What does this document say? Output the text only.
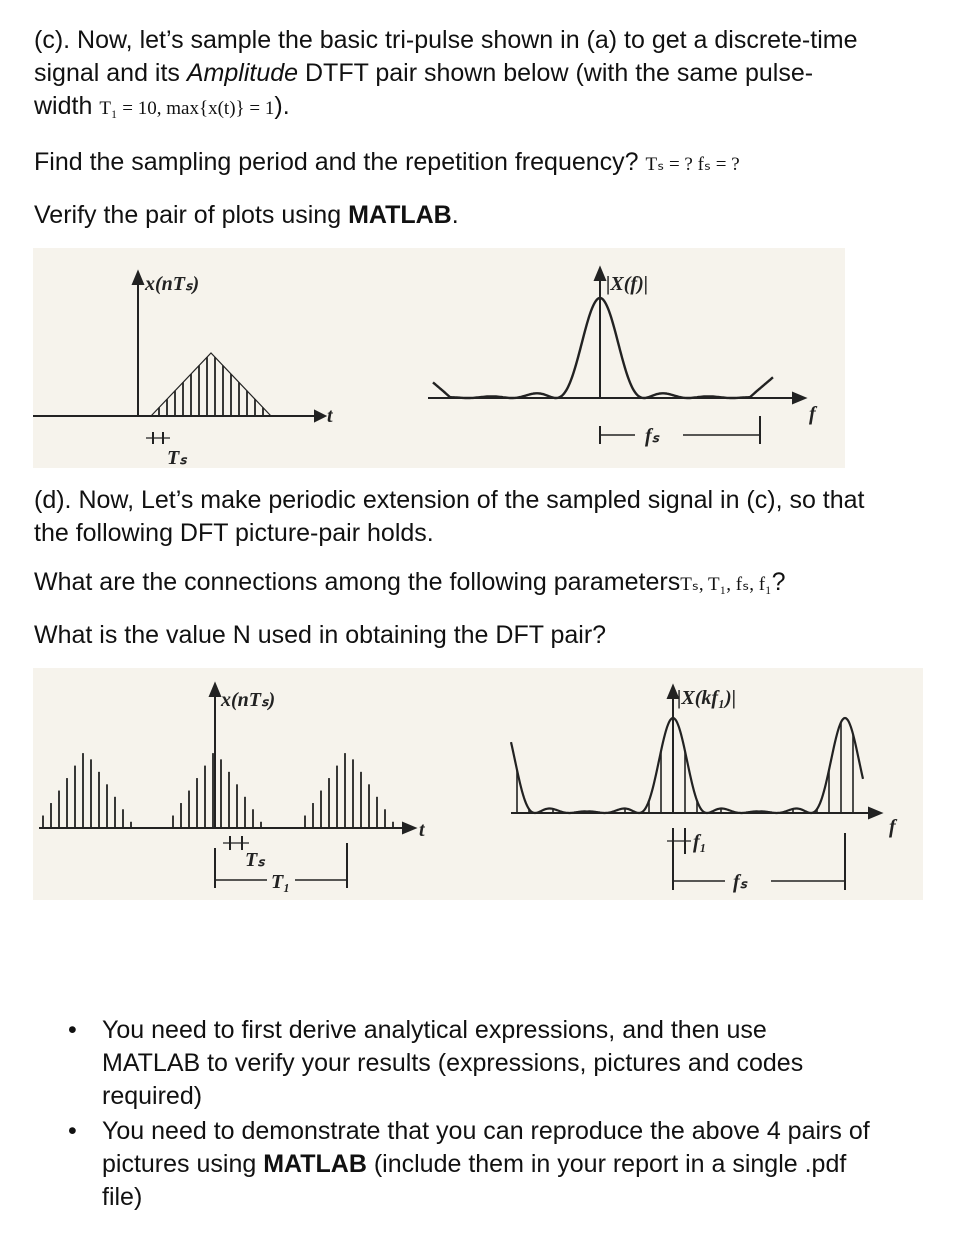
(c). Now, let’s sample the basic tri-pulse shown in (a) to get a discrete-time

signal and its Amplitude DTFT pair shown below (with the same pulse-

width T₁ = 10, max{x(t)} = 1).

Find the sampling period and the repetition frequency? Tₛ = ? fₛ = ?

Verify the pair of plots using MATLAB.

x(nTₛ)
t
Tₛ
|X(f)|
f
fₛ

(d). Now, Let’s make periodic extension of the sampled signal in (c), so that

the following DFT picture-pair holds.

What are the connections among the following parametersTₛ, T₁, fₛ, f₁?

What is the value N used in obtaining the DFT pair?

x(nTₛ)
t
Tₛ
T₁
|X(kf₁)|
f
f₁
fₛ
• You need to first derive analytical expressions, and then use
MATLAB to verify your results (expressions, pictures and codes
required)
• You need to demonstrate that you can reproduce the above 4 pairs of
pictures using MATLAB (include them in your report in a single .pdf
file)
